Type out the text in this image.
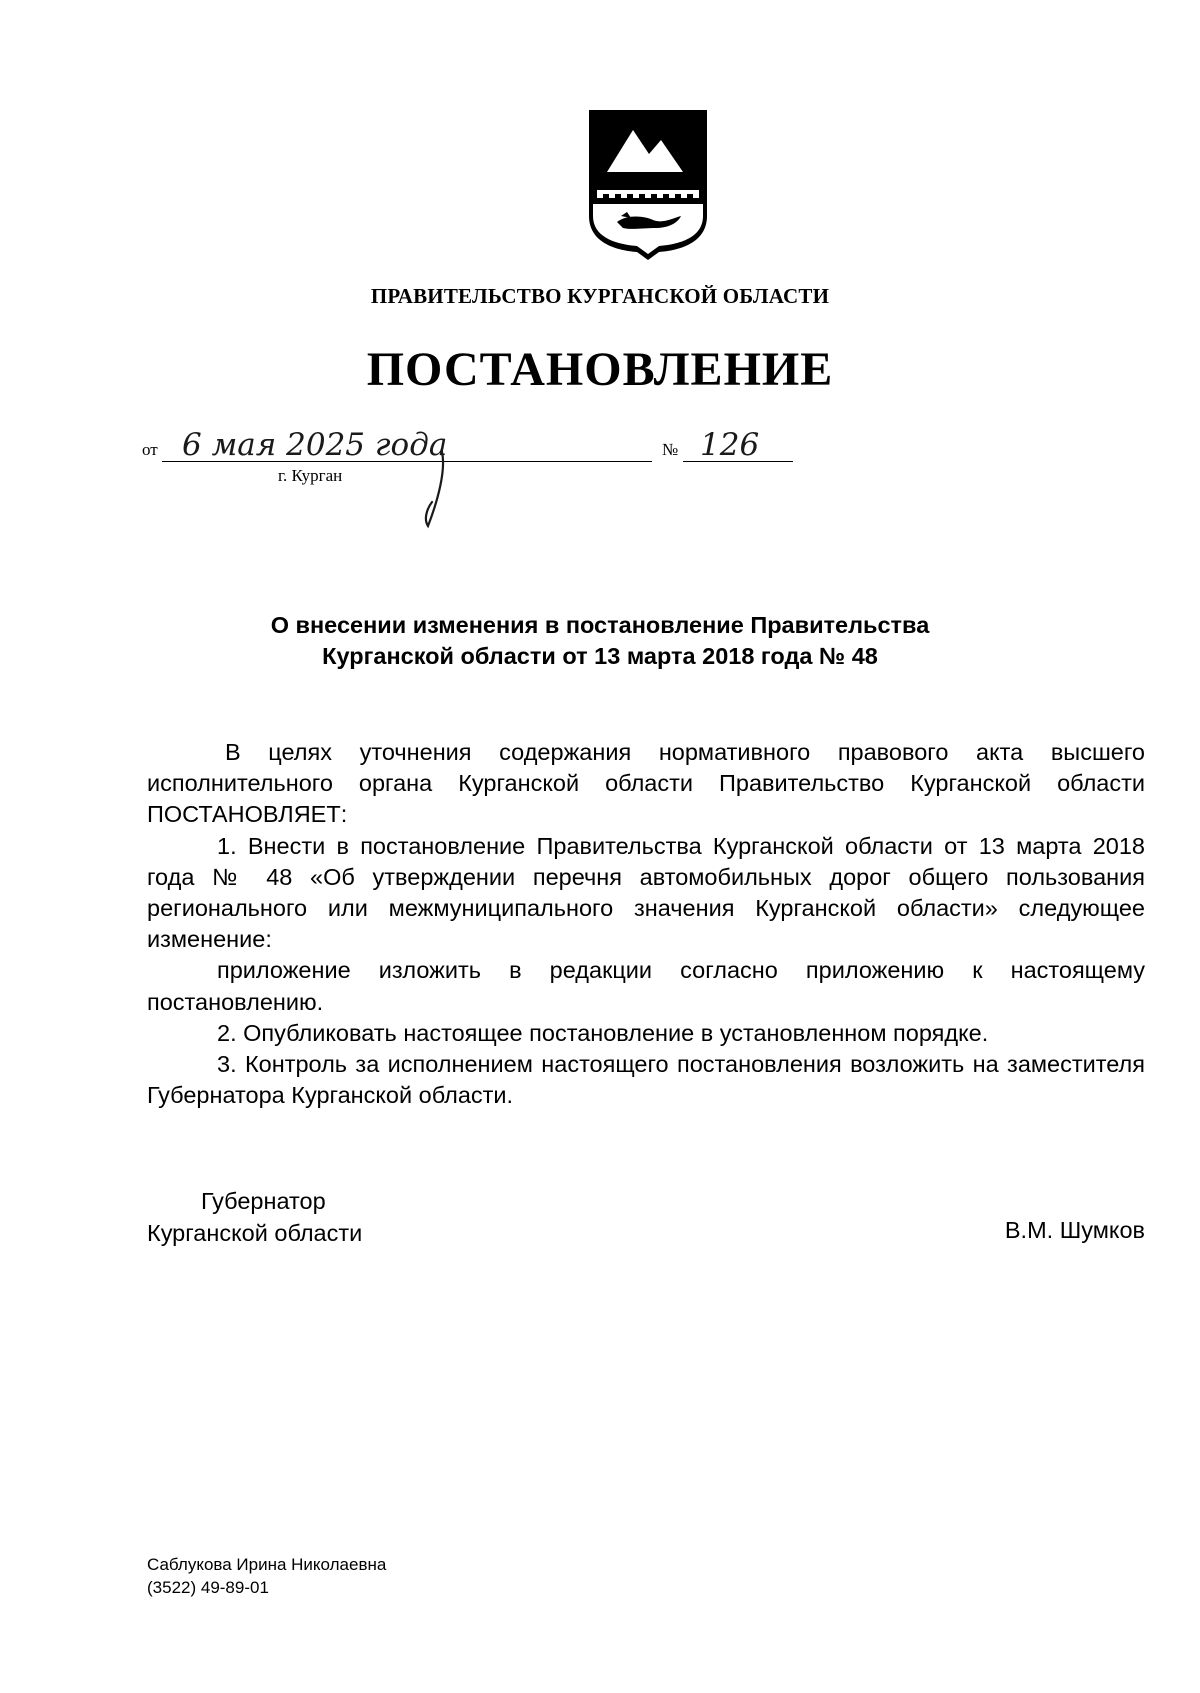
ПРАВИТЕЛЬСТВО КУРГАНСКОЙ ОБЛАСТИ
ПОСТАНОВЛЕНИЕ
от	№
6 мая 2025 года	126
г. Курган
О внесении изменения в постановление Правительства
Курганской области от 13 марта 2018 года № 48

В целях уточнения содержания нормативного правового акта высшего исполнительного органа Курганской области Правительство Курганской области ПОСТАНОВЛЯЕТ:

1. Внести в постановление Правительства Курганской области от 13 марта 2018 года № 48 «Об утверждении перечня автомобильных дорог общего пользования регионального или межмуниципального значения Курганской области» следующее изменение:

приложение изложить в редакции согласно приложению к настоящему постановлению.

2. Опубликовать настоящее постановление в установленном порядке.

3. Контроль за исполнением настоящего постановления возложить на заместителя Губернатора Курганской области.

Губернатор
Курганской области	В.М. Шумков
Саблукова Ирина Николаевна
(3522) 49-89-01
